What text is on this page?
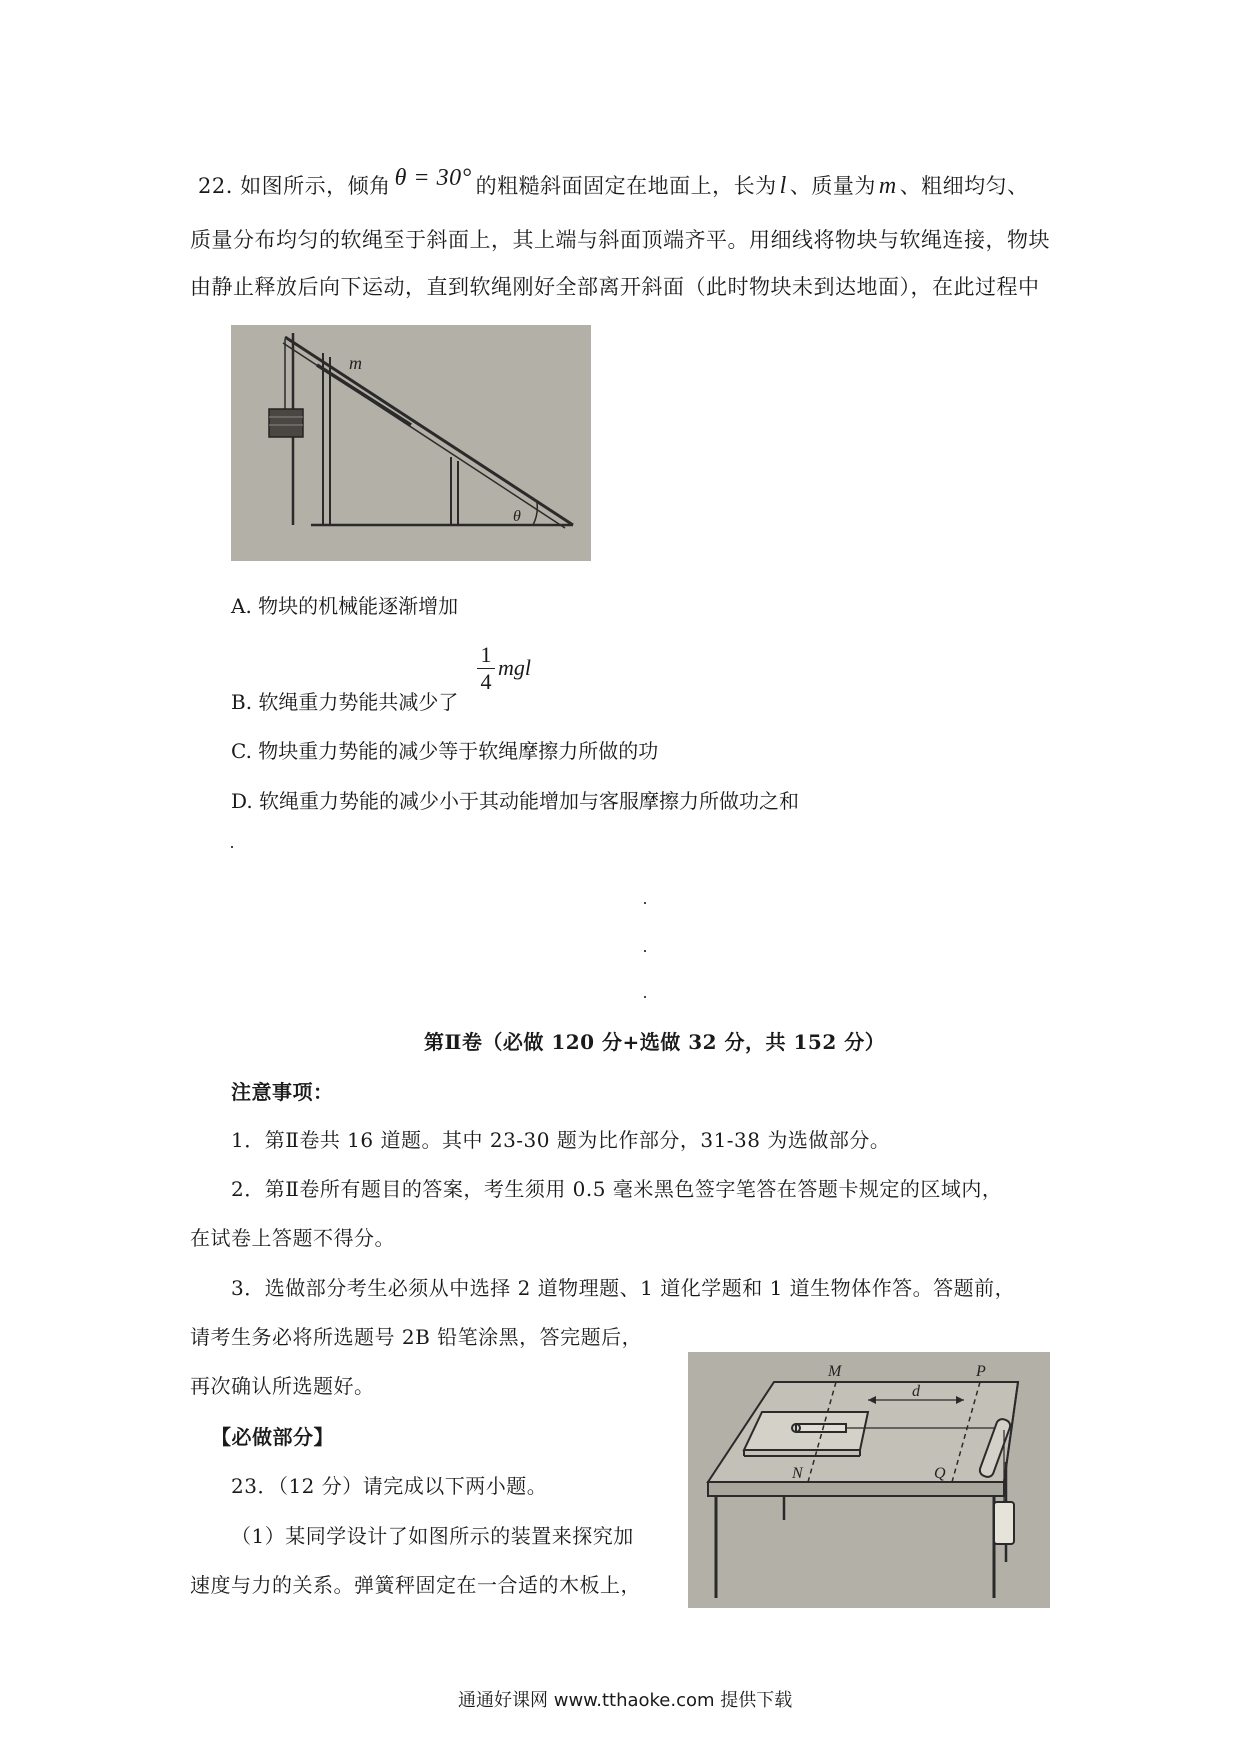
22. 如图所示，倾角 θ = 30° 的粗糙斜面固定在地面上，长为 l 、质量为 m 、粗细均匀、
质量分布均匀的软绳至于斜面上，其上端与斜面顶端齐平。用细线将物块与软绳连接，物块
由静止释放后向下运动，直到软绳刚好全部离开斜面（此时物块未到达地面），在此过程中
m
θ
A. 物块的机械能逐渐增加
B. 软绳重力势能共减少了
1
4
mgl
C. 物块重力势能的减少等于软绳摩擦力所做的功
D. 软绳重力势能的减少小于其动能增加与客服摩擦力所做功之和
第Ⅱ卷（必做 120 分+选做 32 分，共 152 分）
注意事项：
1．第Ⅱ卷共 16 道题。其中 23-30 题为比作部分，31-38 为选做部分。
2．第Ⅱ卷所有题目的答案，考生须用 0.5 毫米黑色签字笔答在答题卡规定的区域内，
在试卷上答题不得分。
3．选做部分考生必须从中选择 2 道物理题、1 道化学题和 1 道生物体作答。答题前，
请考生务必将所选题号 2B 铅笔涂黑，答完题后，
再次确认所选题好。
【必做部分】
23．（12 分）请完成以下两小题。
（1）某同学设计了如图所示的装置来探究加
速度与力的关系。弹簧秤固定在一合适的木板上，
M	P
N	Q
d
通通好课网 www.tthaoke.com 提供下载
